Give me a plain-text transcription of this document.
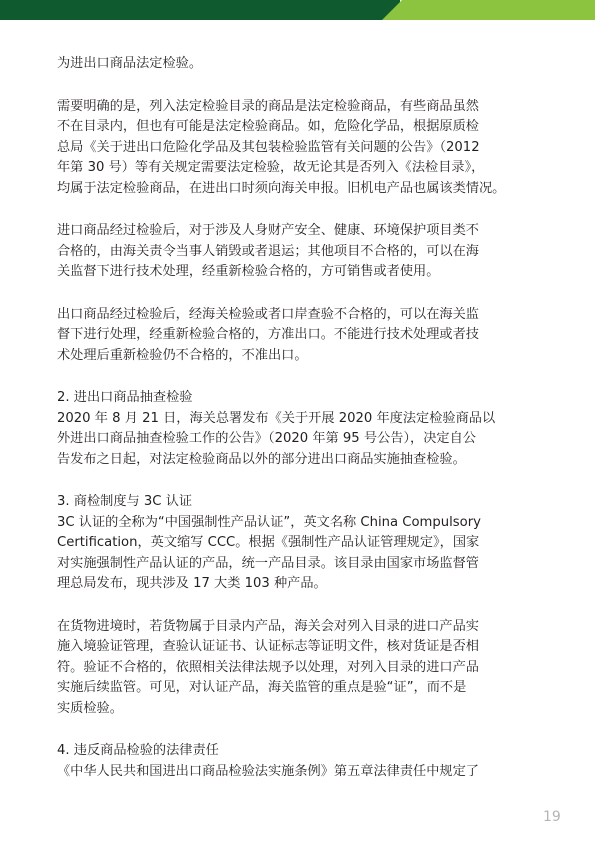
为进出口商品法定检验。
需要明确的是，列入法定检验目录的商品是法定检验商品，有些商品虽然
不在目录内，但也有可能是法定检验商品。如，危险化学品，根据原质检
总局《关于进出口危险化学品及其包装检验监管有关问题的公告》（2012
年第 30 号）等有关规定需要法定检验，故无论其是否列入《法检目录》，
均属于法定检验商品，在进出口时须向海关申报。旧机电产品也属该类情况。
进口商品经过检验后，对于涉及人身财产安全、健康、环境保护项目类不
合格的，由海关责令当事人销毁或者退运；其他项目不合格的，可以在海
关监督下进行技术处理，经重新检验合格的，方可销售或者使用。
出口商品经过检验后，经海关检验或者口岸查验不合格的，可以在海关监
督下进行处理，经重新检验合格的，方准出口。不能进行技术处理或者技
术处理后重新检验仍不合格的，不准出口。
2. 进出口商品抽查检验
2020 年 8 月 21 日，海关总署发布《关于开展 2020 年度法定检验商品以
外进出口商品抽查检验工作的公告》（2020 年第 95 号公告），决定自公
告发布之日起，对法定检验商品以外的部分进出口商品实施抽查检验。
3. 商检制度与 3C 认证
3C 认证的全称为“中国强制性产品认证”，英文名称 China Compulsory
Certification，英文缩写 CCC。根据《强制性产品认证管理规定》，国家
对实施强制性产品认证的产品，统一产品目录。该目录由国家市场监督管
理总局发布，现共涉及 17 大类 103 种产品。
在货物进境时，若货物属于目录内产品，海关会对列入目录的进口产品实
施入境验证管理，查验认证证书、认证标志等证明文件，核对货证是否相
符。验证不合格的，依照相关法律法规予以处理，对列入目录的进口产品
实施后续监管。可见，对认证产品，海关监管的重点是验“证”，而不是
实质检验。
4. 违反商品检验的法律责任
《中华人民共和国进出口商品检验法实施条例》第五章法律责任中规定了
19
